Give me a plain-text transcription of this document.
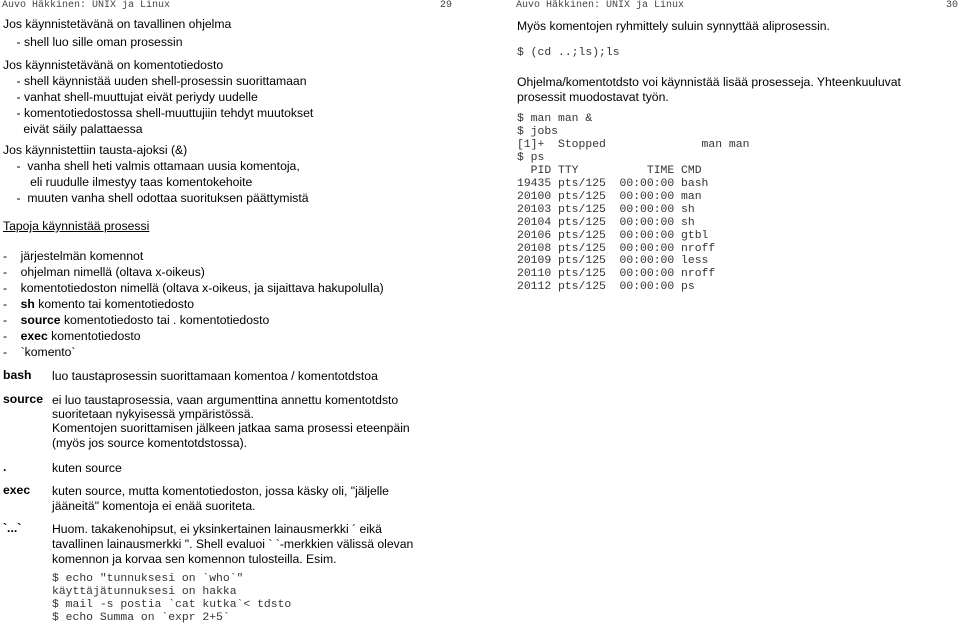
Auvo Häkkinen: UNIX ja Linux	29
Jos käynnistetävänä on tavallinen ohjelma
- shell luo sille oman prosessin
Jos käynnistetävänä on komentotiedosto
- shell käynnistää uuden shell-prosessin suorittamaan
- vanhat shell-muuttujat eivät periydy uudelle
- komentotiedostossa shell-muuttujiin tehdyt muutokset
eivät säily palattaessa
Jos käynnistettiin tausta-ajoksi (&)
-  vanha shell heti valmis ottamaan uusia komentoja,
eli ruudulle ilmestyy taas komentokehoite
-  muuten vanha shell odottaa suorituksen päättymistä
Tapoja käynnistää prosessi
- järjestelmän komennot
- ohjelman nimellä (oltava x-oikeus)
- komentotiedoston nimellä (oltava x-oikeus, ja sijaittava hakupolulla)
- sh komento tai komentotiedosto
- source komentotiedosto tai . komentotiedosto
- exec komentotiedosto
- `komento`
bash luo taustaprosessin suorittamaan komentoa / komentotdstoa
source ei luo taustaprosessia, vaan argumenttina annettu komentotdsto
suoritetaan nykyisessä ympäristössä.
Komentojen suorittamisen jälkeen jatkaa sama prosessi eteenpäin
(myös jos source komentotdstossa).
.	kuten source
exec kuten source, mutta komentotiedoston, jossa käsky oli, "jäljelle
jääneitä" komentoja ei enää suoriteta.
`...`	Huom. takakenohipsut, ei yksinkertainen lainausmerkki ´ eikä
tavallinen lainausmerkki ". Shell evaluoi ` `-merkkien välissä olevan
komennon ja korvaa sen komennon tulosteilla. Esim.
$ echo "tunnuksesi on `who`"
käyttäjätunnuksesi on hakka
$ mail -s postia `cat kutka`< tdsto
$ echo Summa on `expr 2+5`
Auvo Häkkinen: UNIX ja Linux	30
Myös komentojen ryhmittely suluin synnyttää aliprosessin.
$ (cd ..;ls);ls
Ohjelma/komentotdsto voi käynnistää lisää prosesseja. Yhteenkuuluvat
prosessit muodostavat työn.
$ man man &
$ jobs
[1]+  Stopped              man man
$ ps
PID TTY          TIME CMD
19435 pts/125  00:00:00 bash
20100 pts/125  00:00:00 man
20103 pts/125  00:00:00 sh
20104 pts/125  00:00:00 sh
20106 pts/125  00:00:00 gtbl
20108 pts/125  00:00:00 nroff
20109 pts/125  00:00:00 less
20110 pts/125  00:00:00 nroff
20112 pts/125  00:00:00 ps
